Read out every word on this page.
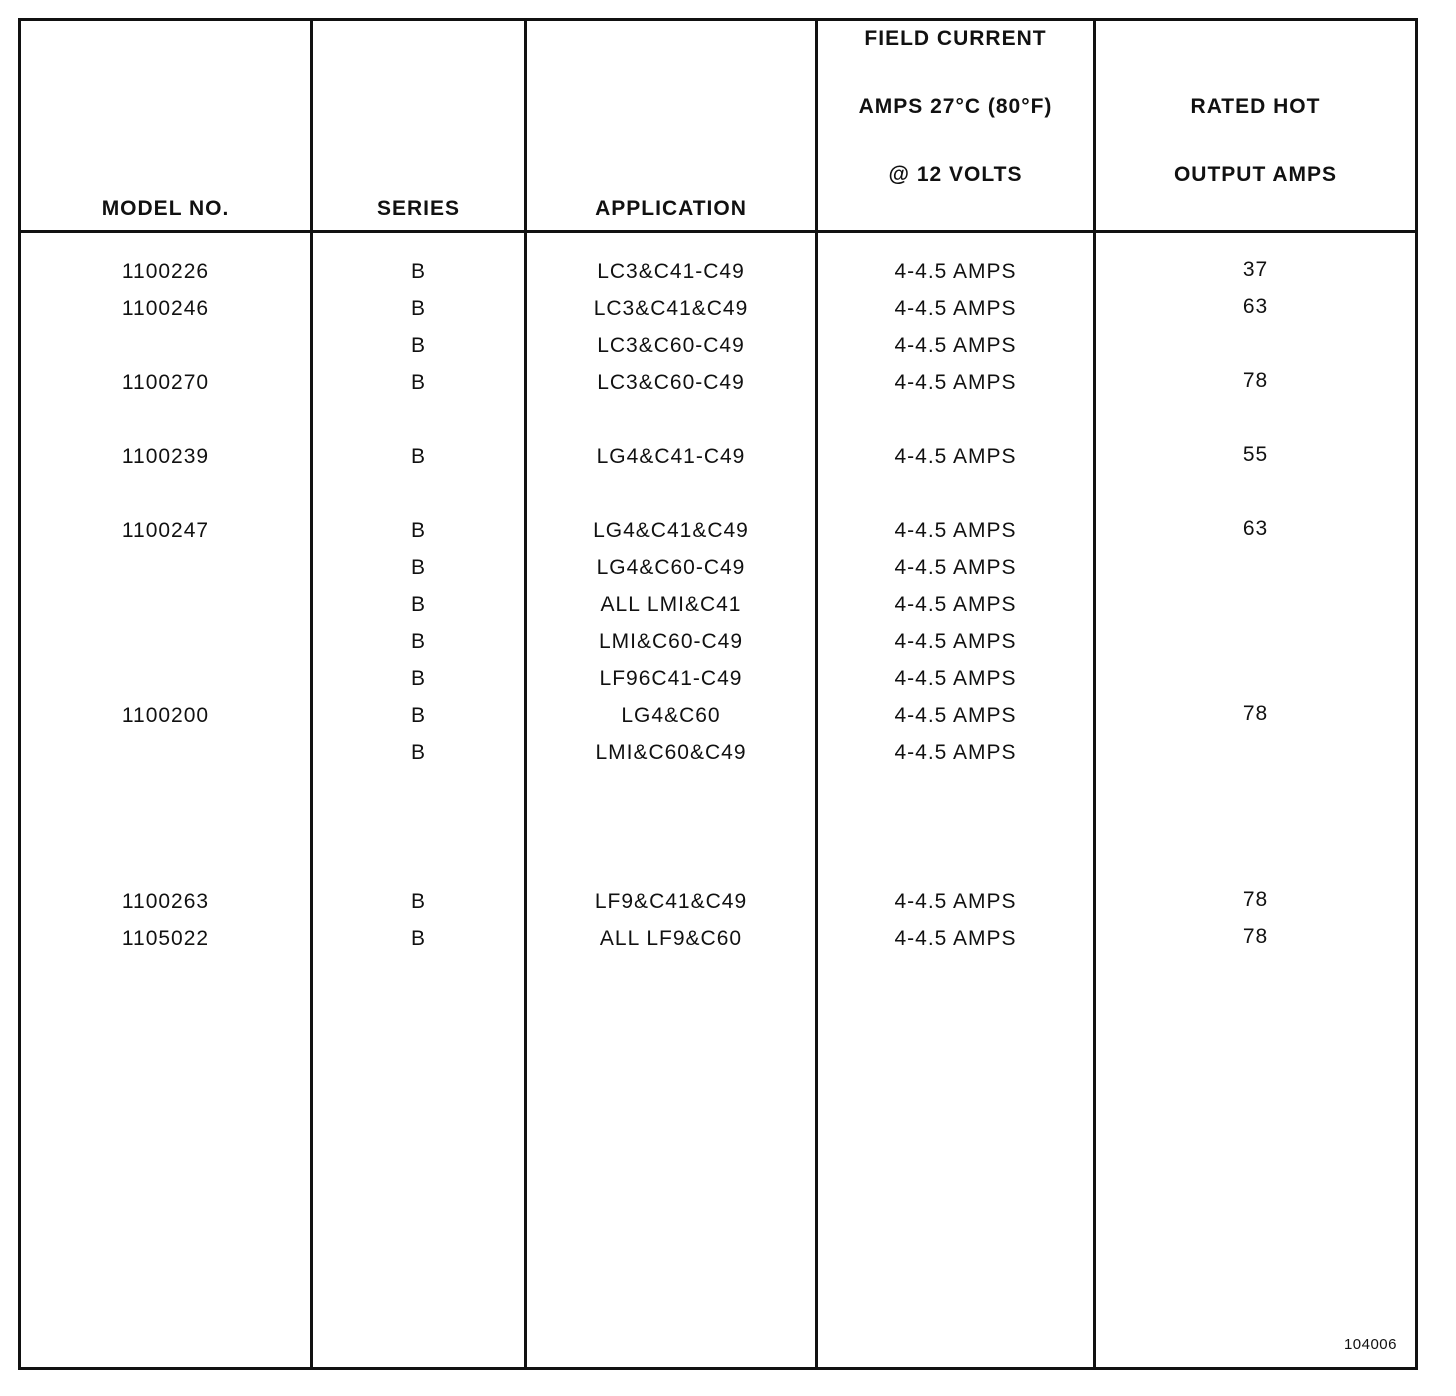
MODEL NO.
1100226
1100246
1100270
1100239
1100247
1100200
1100263
1105022
SERIES
B
B
B
B
B
B
B
B
B
B
B
B
B
B
APPLICATION
LC3&C41-C49
LC3&C41&C49
LC3&C60-C49
LC3&C60-C49
LG4&C41-C49
LG4&C41&C49
LG4&C60-C49
ALL LMI&C41
LMI&C60-C49
LF96C41-C49
LG4&C60
LMI&C60&C49
LF9&C41&C49
ALL LF9&C60

FIELD CURRENT

AMPS 27°C (80°F)

@ 12 VOLTS

4-4.5 AMPS
4-4.5 AMPS
4-4.5 AMPS
4-4.5 AMPS
4-4.5 AMPS
4-4.5 AMPS
4-4.5 AMPS
4-4.5 AMPS
4-4.5 AMPS
4-4.5 AMPS
4-4.5 AMPS
4-4.5 AMPS
4-4.5 AMPS
4-4.5 AMPS

RATED HOT

OUTPUT AMPS

37
63
78
55
63
78
78
78
104006
